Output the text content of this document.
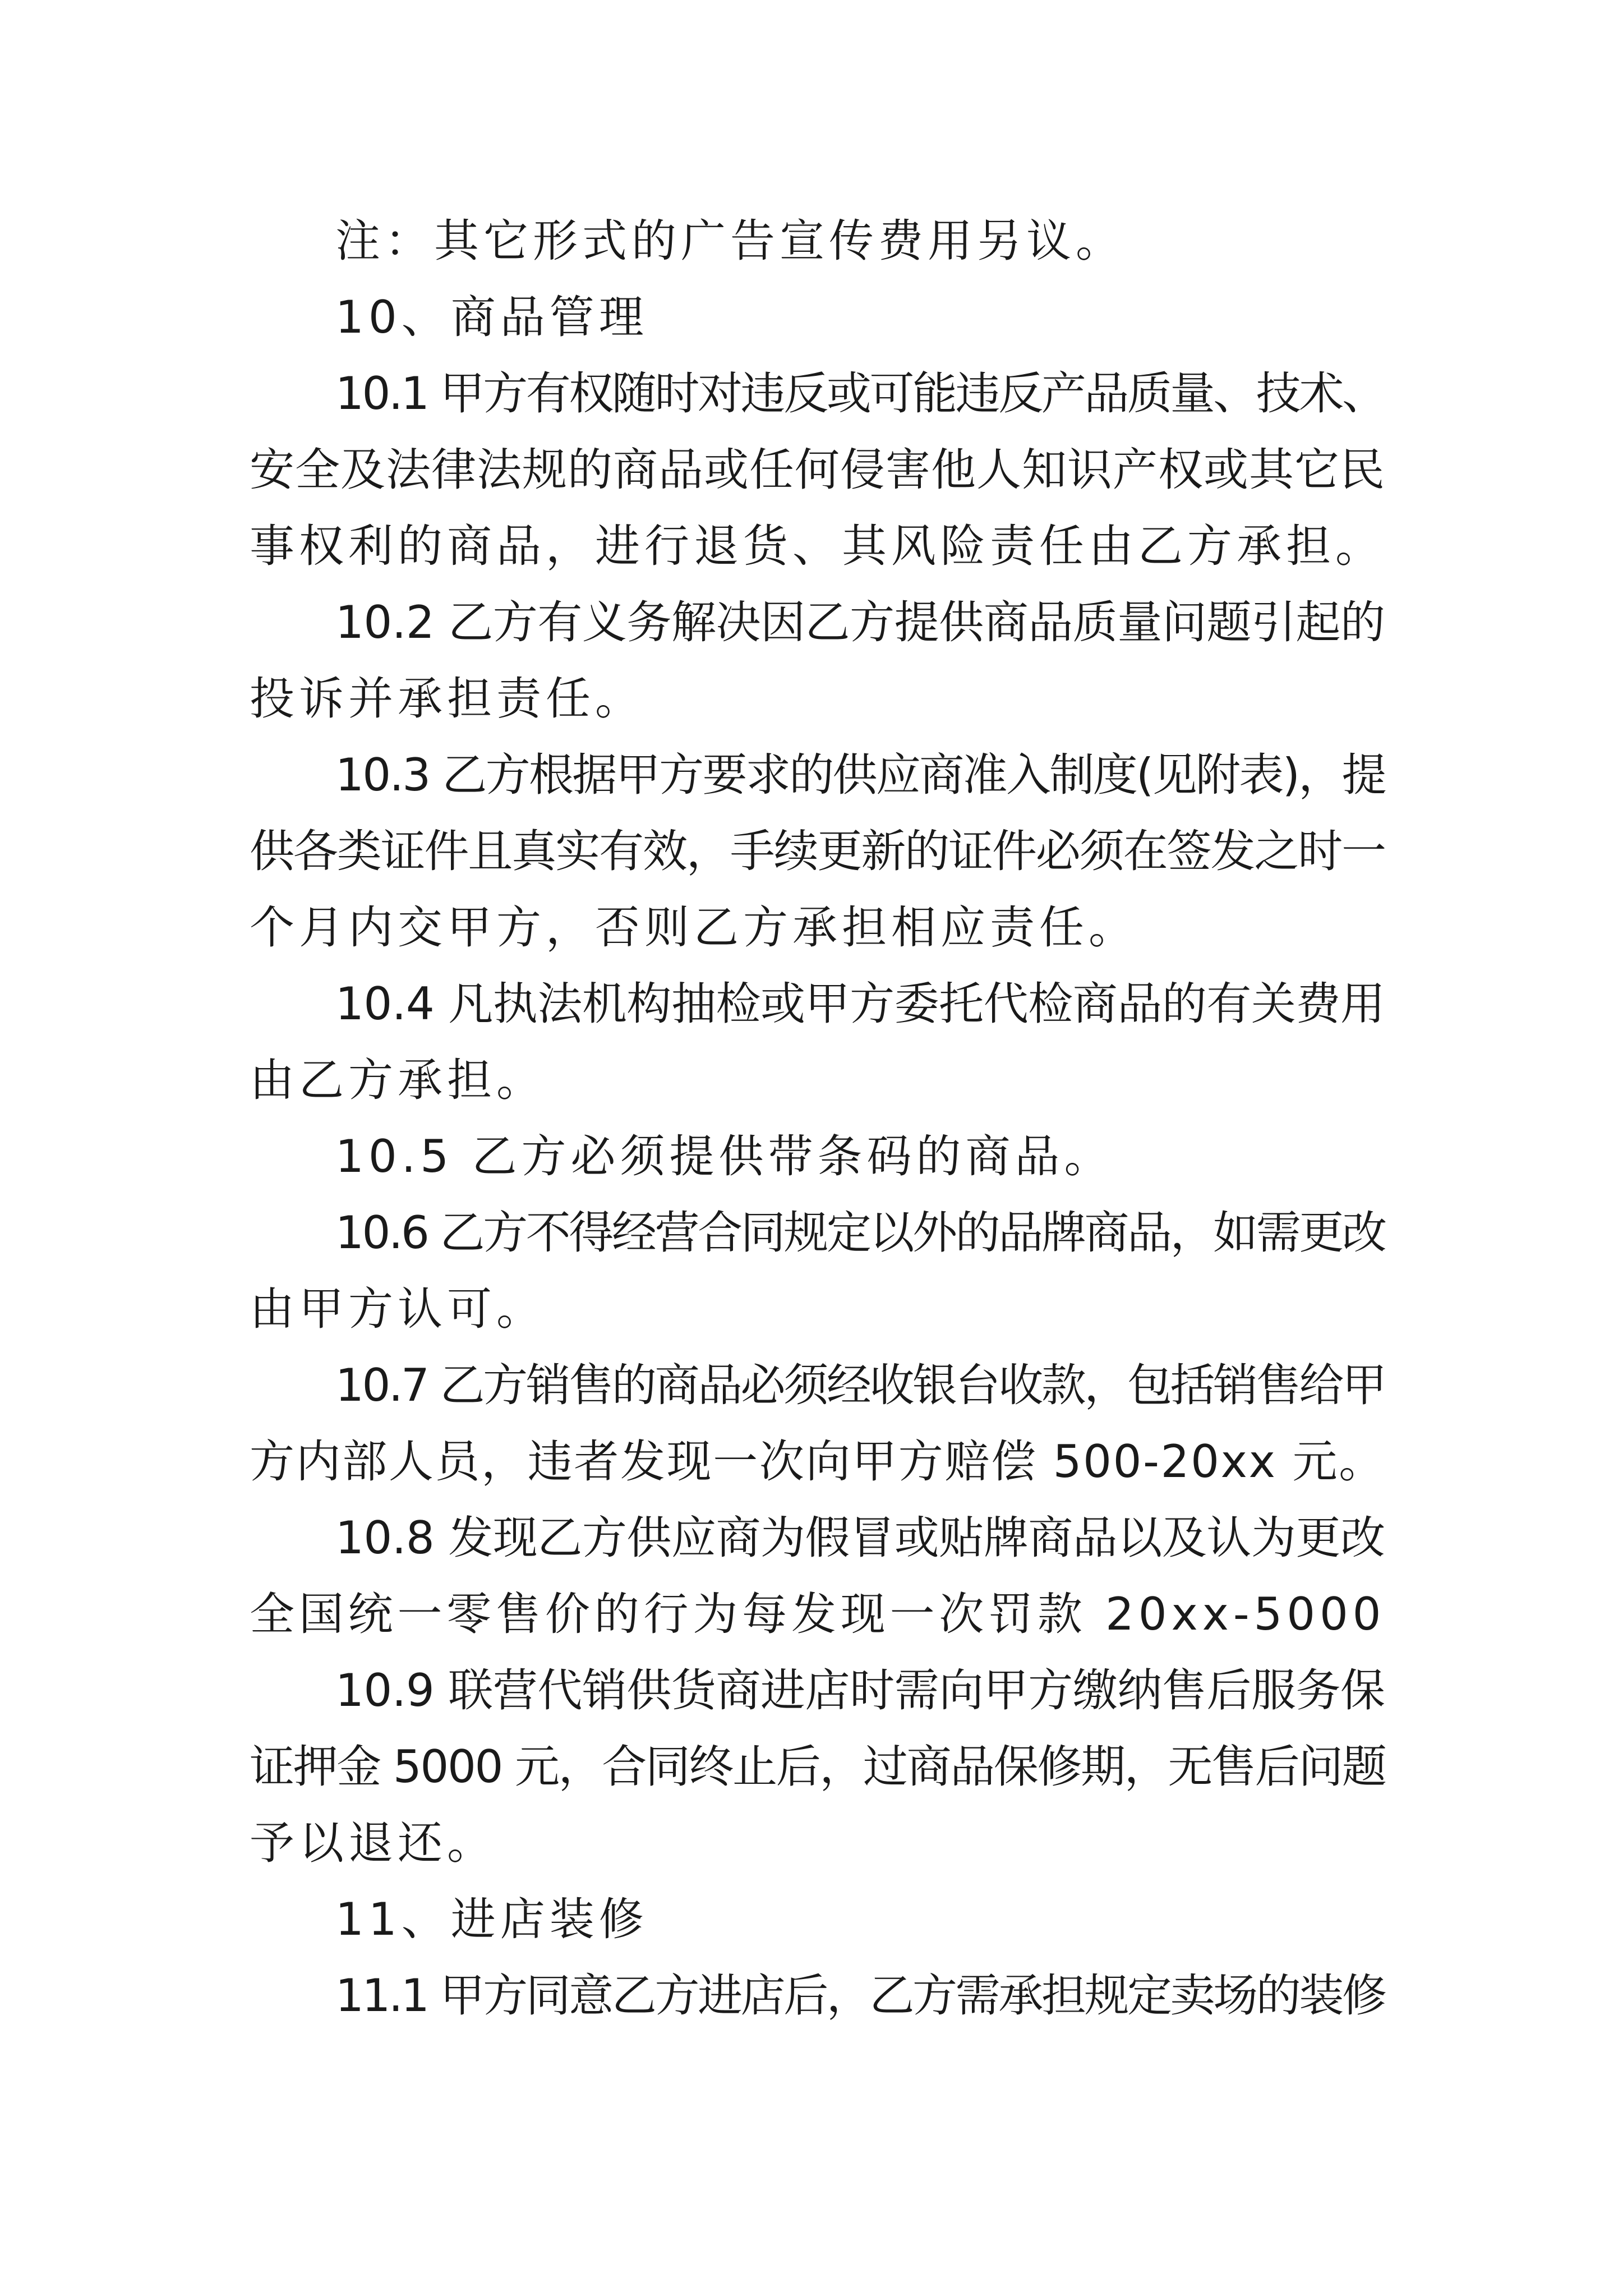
注：其它形式的广告宣传费用另议。

10、商品管理

10.1 甲方有权随时对违反或可能违反产品质量、技术、

安全及法律法规的商品或任何侵害他人知识产权或其它民

事权利的商品，进行退货、其风险责任由乙方承担。

10.2 乙方有义务解决因乙方提供商品质量问题引起的

投诉并承担责任。

10.3 乙方根据甲方要求的供应商准入制度(见附表)，提

供各类证件且真实有效，手续更新的证件必须在签发之时一

个月内交甲方，否则乙方承担相应责任。

10.4 凡执法机构抽检或甲方委托代检商品的有关费用

由乙方承担。

10.5 乙方必须提供带条码的商品。

10.6 乙方不得经营合同规定以外的品牌商品，如需更改

由甲方认可。

10.7 乙方销售的商品必须经收银台收款，包括销售给甲

方内部人员，违者发现一次向甲方赔偿 500-20xx 元。

10.8 发现乙方供应商为假冒或贴牌商品以及认为更改

全国统一零售价的行为每发现一次罚款 20xx-5000

10.9 联营代销供货商进店时需向甲方缴纳售后服务保

证押金 5000 元，合同终止后，过商品保修期，无售后问题

予以退还。

11、进店装修

11.1 甲方同意乙方进店后，乙方需承担规定卖场的装修
